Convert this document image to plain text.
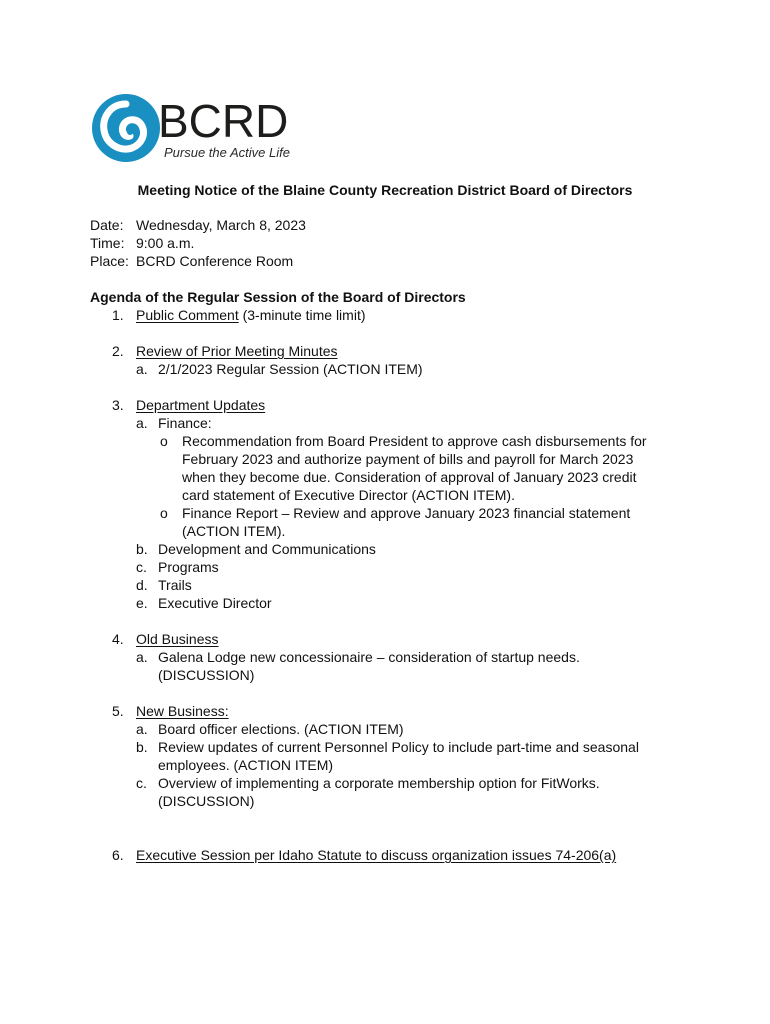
BCRD
Pursue the Active Life
Meeting Notice of the Blaine County Recreation District Board of Directors
Date: Wednesday, March 8, 2023
Time: 9:00 a.m.
Place: BCRD Conference Room
Agenda of the Regular Session of the Board of Directors
1. Public Comment (3-minute time limit)
2. Review of Prior Meeting Minutes
a. 2/1/2023 Regular Session (ACTION ITEM)
3. Department Updates
a. Finance:
o Recommendation from Board President to approve cash disbursements for
February 2023 and authorize payment of bills and payroll for March 2023
when they become due. Consideration of approval of January 2023 credit
card statement of Executive Director (ACTION ITEM).
o Finance Report – Review and approve January 2023 financial statement
(ACTION ITEM).
b. Development and Communications
c. Programs
d. Trails
e. Executive Director
4. Old Business
a. Galena Lodge new concessionaire – consideration of startup needs.
(DISCUSSION)
5. New Business:
a. Board officer elections. (ACTION ITEM)
b. Review updates of current Personnel Policy to include part-time and seasonal
employees. (ACTION ITEM)
c. Overview of implementing a corporate membership option for FitWorks.
(DISCUSSION)
6. Executive Session per Idaho Statute to discuss organization issues 74-206(a)
